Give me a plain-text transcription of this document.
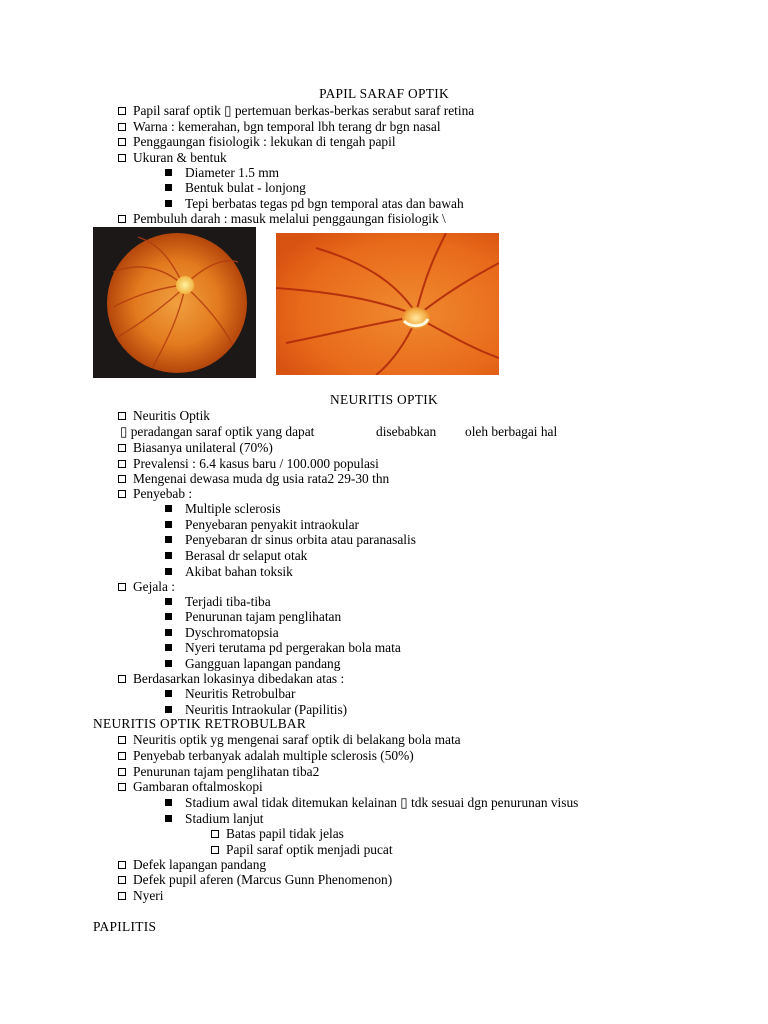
PAPIL SARAF OPTIK
Papil saraf optik ▯ pertemuan berkas-berkas serabut saraf retina
Warna : kemerahan, bgn temporal lbh terang dr bgn nasal
Penggaungan fisiologik : lekukan di tengah papil
Ukuran & bentuk
Diameter 1.5 mm
Bentuk bulat - lonjong
Tepi berbatas tegas pd bgn temporal atas dan bawah
Pembuluh darah : masuk melalui penggaungan fisiologik \
NEURITIS OPTIK
Neuritis Optik
▯ peradangan saraf optik yang dapat	disebabkan oleh berbagai hal
Biasanya unilateral (70%)
Prevalensi : 6.4 kasus baru / 100.000 populasi
Mengenai dewasa muda dg usia rata2 29-30 thn
Penyebab :
Multiple sclerosis
Penyebaran penyakit intraokular
Penyebaran dr sinus orbita atau paranasalis
Berasal dr selaput otak
Akibat bahan toksik
Gejala :
Terjadi tiba-tiba
Penurunan tajam penglihatan
Dyschromatopsia
Nyeri terutama pd pergerakan bola mata
Gangguan lapangan pandang
Berdasarkan lokasinya dibedakan atas :
Neuritis Retrobulbar
Neuritis Intraokular (Papilitis)
NEURITIS OPTIK RETROBULBAR
Neuritis optik yg mengenai saraf optik di belakang bola mata
Penyebab terbanyak adalah multiple sclerosis (50%)
Penurunan tajam penglihatan tiba2
Gambaran oftalmoskopi
Stadium awal tidak ditemukan kelainan ▯ tdk sesuai dgn penurunan visus
Stadium lanjut
Batas papil tidak jelas
Papil saraf optik menjadi pucat
Defek lapangan pandang
Defek pupil aferen (Marcus Gunn Phenomenon)
Nyeri
PAPILITIS
